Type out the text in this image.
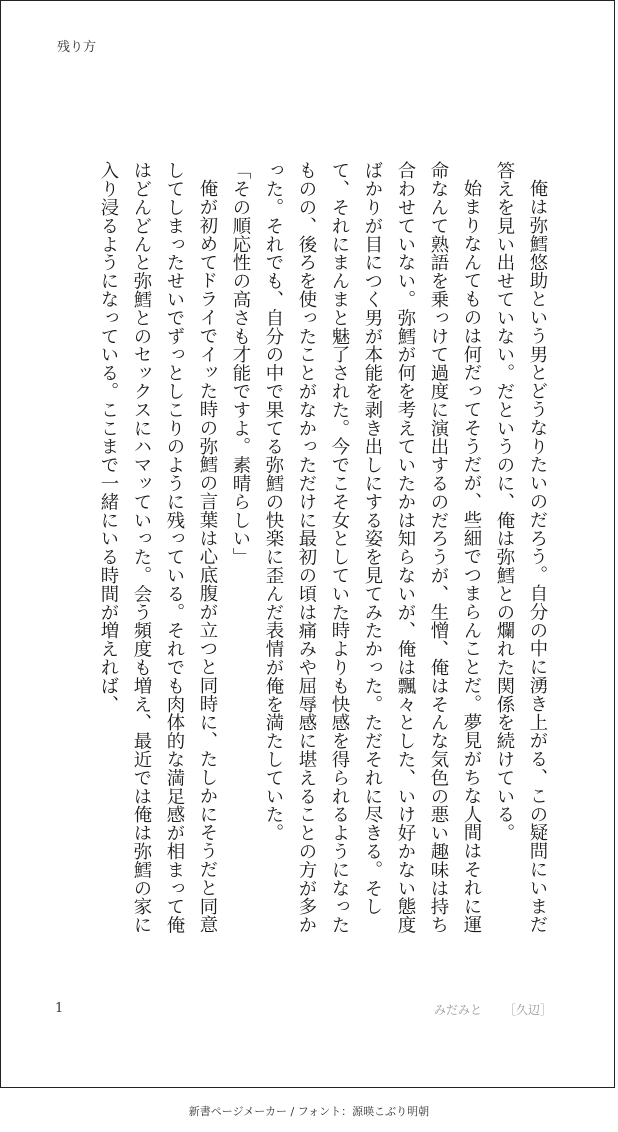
残り方

俺は弥鱈悠助という男とどうなりたいのだろう。自分の中に湧き上がる、この疑問にいまだ答えを見い出せていない。だというのに、俺は弥鱈との爛れた関係を続けている。

始まりなんてものは何だってそうだが、些細でつまらんことだ。夢見がちな人間はそれに運命なんて熟語を乗っけて過度に演出するのだろうが、生憎、俺はそんな気色の悪い趣味は持ち合わせていない。弥鱈が何を考えていたかは知らないが、俺は飄々とした、いけ好かない態度ばかりが目につく男が本能を剥き出しにする姿を見てみたかった。ただそれに尽きる。そして、それにまんまと魅了された。今でこそ女としていた時よりも快感を得られるようになったものの、後ろを使ったことがなかっただけに最初の頃は痛みや屈辱感に堪えることの方が多かった。それでも、自分の中で果てる弥鱈の快楽に歪んだ表情が俺を満たしていた。

「その順応性の高さも才能ですよ。素晴らしい」

俺が初めてドライでイッた時の弥鱈の言葉は心底腹が立つと同時に、たしかにそうだと同意してしまったせいでずっとしこりのように残っている。それでも肉体的な満足感が相まって俺はどんどんと弥鱈とのセックスにハマッていった。会う頻度も増え、最近では俺は弥鱈の家に入り浸るようになっている。ここまで一緒にいる時間が増えれば、

1	みだみと ［久辺］
新書ページメーカー / フォント：源暎こぶり明朝
